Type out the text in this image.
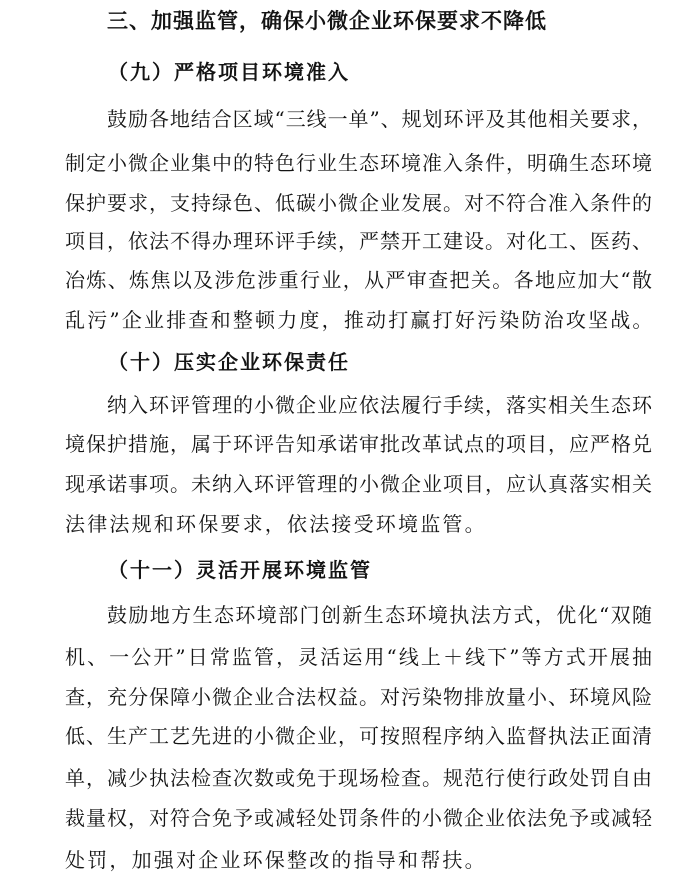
三、加强监管，确保小微企业环保要求不降低
（九）严格项目环境准入
鼓励各地结合区域“三线一单”、规划环评及其他相关要求，
制定小微企业集中的特色行业生态环境准入条件，明确生态环境
保护要求，支持绿色、低碳小微企业发展。对不符合准入条件的
项目，依法不得办理环评手续，严禁开工建设。对化工、医药、
冶炼、炼焦以及涉危涉重行业，从严审查把关。各地应加大“散
乱污”企业排查和整顿力度，推动打赢打好污染防治攻坚战。
（十）压实企业环保责任
纳入环评管理的小微企业应依法履行手续，落实相关生态环
境保护措施，属于环评告知承诺审批改革试点的项目，应严格兑
现承诺事项。未纳入环评管理的小微企业项目，应认真落实相关
法律法规和环保要求，依法接受环境监管。
（十一）灵活开展环境监管
鼓励地方生态环境部门创新生态环境执法方式，优化“双随
机、一公开”日常监管，灵活运用“线上＋线下”等方式开展抽
查，充分保障小微企业合法权益。对污染物排放量小、环境风险
低、生产工艺先进的小微企业，可按照程序纳入监督执法正面清
单，减少执法检查次数或免于现场检查。规范行使行政处罚自由
裁量权，对符合免予或减轻处罚条件的小微企业依法免予或减轻
处罚，加强对企业环保整改的指导和帮扶。
